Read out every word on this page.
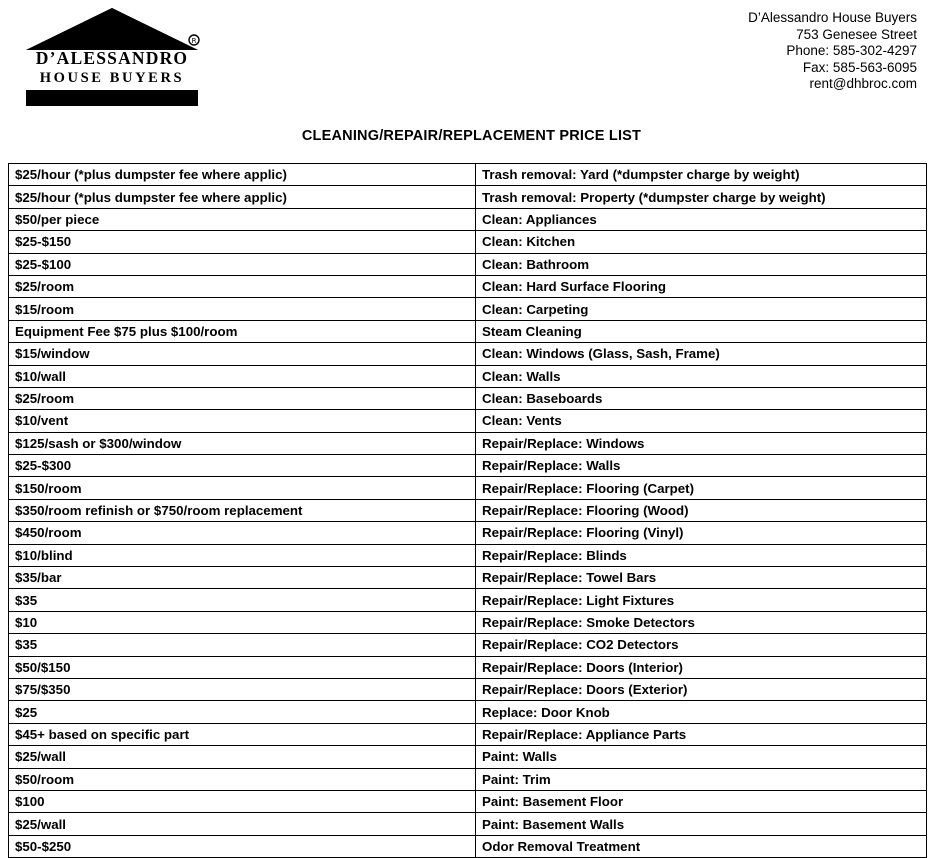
R
D’ALESSANDRO
HOUSE BUYERS
D’Alessandro House Buyers
753 Genesee Street
Phone: 585-302-4297
Fax: 585-563-6095
rent@dhbroc.com
CLEANING/REPAIR/REPLACEMENT PRICE LIST
$25/hour (*plus dumpster fee where applic)	Trash removal: Yard (*dumpster charge by weight)
$25/hour (*plus dumpster fee where applic)	Trash removal: Property (*dumpster charge by weight)
$50/per piece	Clean: Appliances
$25-$150	Clean: Kitchen
$25-$100	Clean: Bathroom
$25/room	Clean: Hard Surface Flooring
$15/room	Clean: Carpeting
Equipment Fee $75 plus $100/room	Steam Cleaning
$15/window	Clean: Windows (Glass, Sash, Frame)
$10/wall	Clean: Walls
$25/room	Clean: Baseboards
$10/vent	Clean: Vents
$125/sash or $300/window	Repair/Replace: Windows
$25-$300	Repair/Replace: Walls
$150/room	Repair/Replace: Flooring (Carpet)
$350/room refinish or $750/room replacement	Repair/Replace: Flooring (Wood)
$450/room	Repair/Replace: Flooring (Vinyl)
$10/blind	Repair/Replace: Blinds
$35/bar	Repair/Replace: Towel Bars
$35	Repair/Replace: Light Fixtures
$10	Repair/Replace: Smoke Detectors
$35	Repair/Replace: CO2 Detectors
$50/$150	Repair/Replace: Doors (Interior)
$75/$350	Repair/Replace: Doors (Exterior)
$25	Replace: Door Knob
$45+ based on specific part	Repair/Replace: Appliance Parts
$25/wall	Paint: Walls
$50/room	Paint: Trim
$100	Paint: Basement Floor
$25/wall	Paint: Basement Walls
$50-$250	Odor Removal Treatment
